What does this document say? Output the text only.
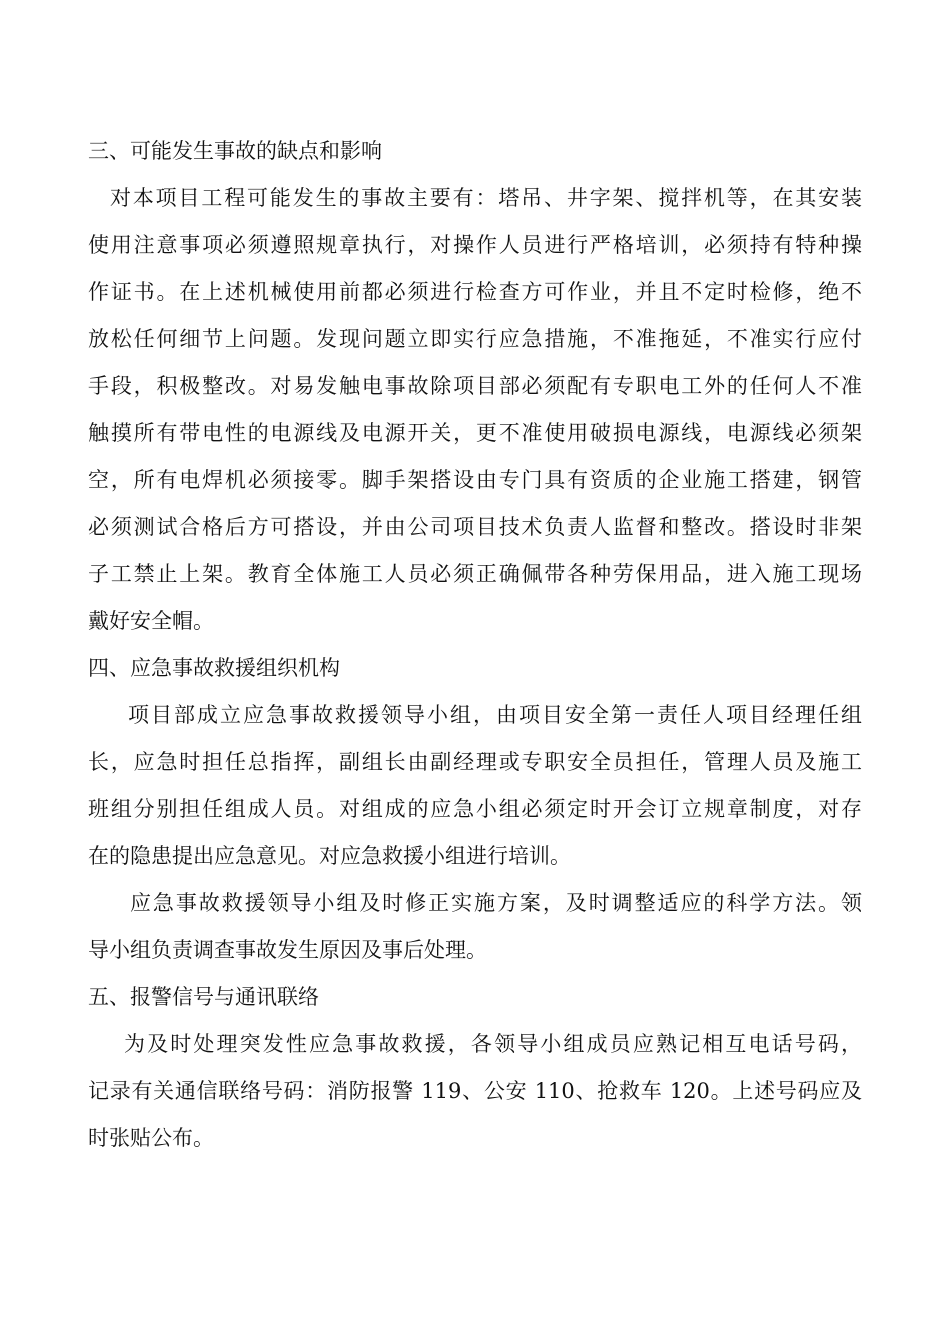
三、可能发生事故的缺点和影响
对本项目工程可能发生的事故主要有：塔吊、井字架、搅拌机等，在其安装
使用注意事项必须遵照规章执行，对操作人员进行严格培训，必须持有特种操
作证书。在上述机械使用前都必须进行检查方可作业，并且不定时检修，绝不
放松任何细节上问题。发现问题立即实行应急措施，不准拖延，不准实行应付
手段，积极整改。对易发触电事故除项目部必须配有专职电工外的任何人不准
触摸所有带电性的电源线及电源开关，更不准使用破损电源线，电源线必须架
空，所有电焊机必须接零。脚手架搭设由专门具有资质的企业施工搭建，钢管
必须测试合格后方可搭设，并由公司项目技术负责人监督和整改。搭设时非架
子工禁止上架。教育全体施工人员必须正确佩带各种劳保用品，进入施工现场
戴好安全帽。
四、应急事故救援组织机构
项目部成立应急事故救援领导小组，由项目安全第一责任人项目经理任组
长，应急时担任总指挥，副组长由副经理或专职安全员担任，管理人员及施工
班组分别担任组成人员。对组成的应急小组必须定时开会订立规章制度，对存
在的隐患提出应急意见。对应急救援小组进行培训。
应急事故救援领导小组及时修正实施方案，及时调整适应的科学方法。领
导小组负责调查事故发生原因及事后处理。
五、报警信号与通讯联络
为及时处理突发性应急事故救援，各领导小组成员应熟记相互电话号码，
记录有关通信联络号码：消防报警 119、公安 110、抢救车 120。上述号码应及
时张贴公布。
